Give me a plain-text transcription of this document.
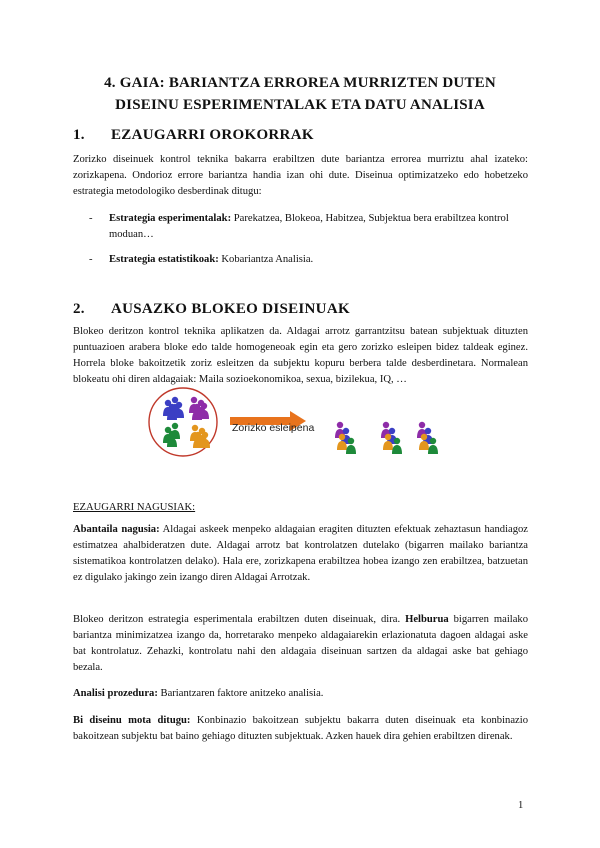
4. GAIA: BARIANTZA ERROREA MURRIZTEN DUTEN
DISEINU ESPERIMENTALAK ETA DATU ANALISIA
1. EZAUGARRI OROKORRAK
Zorizko diseinuek kontrol teknika bakarra erabiltzen dute bariantza errorea murriztu ahal izateko: zorizkapena. Ondorioz errore bariantza handia izan ohi dute. Diseinua optimizatzeko edo hobetzeko estrategia metodologiko desberdinak ditugu:
- Estrategia esperimentalak: Parekatzea, Blokeoa, Habitzea, Subjektua bera erabiltzea kontrol moduan…
- Estrategia estatistikoak: Kobariantza Analisia.
2. AUSAZKO BLOKEO DISEINUAK
Blokeo deritzon kontrol teknika aplikatzen da. Aldagai arrotz garrantzitsu batean subjektuak dituzten puntuazioen arabera bloke edo talde homogeneoak egin eta gero zorizko esleipen bidez taldeak eginez. Horrela bloke bakoitzetik zoriz esleitzen da subjektu kopuru berbera talde desberdinetara. Normalean blokeatu ohi diren aldagaiak: Maila sozioekonomikoa, sexua, bizilekua, IQ, …
Zorizko esleipena
EZAUGARRI NAGUSIAK:
Abantaila nagusia: Aldagai askeek menpeko aldagaian eragiten dituzten efektuak zehaztasun handiagoz estimatzea ahalbideratzen dute. Aldagai arrotz bat kontrolatzen dutelako (bigarren mailako bariantza sistematikoa kontrolatzen delako). Hala ere, zorizkapena erabiltzea hobea izango zen erabiltzea, batzuetan ez digulako jakingo zein izango diren Aldagai Arrotzak.
Blokeo deritzon estrategia esperimentala erabiltzen duten diseinuak, dira. Helburua bigarren mailako bariantza minimizatzea izango da, horretarako menpeko aldagaiarekin erlazionatuta dagoen aldagai aske bat kontrolatuz. Zehazki, kontrolatu nahi den aldagaia diseinuan sartzen da aldagai aske bat gehiago bezala.
Analisi prozedura: Bariantzaren faktore anitzeko analisia.
Bi diseinu mota ditugu: Konbinazio bakoitzean subjektu bakarra duten diseinuak eta konbinazio bakoitzean subjektu bat baino gehiago dituzten subjektuak. Azken hauek dira gehien erabiltzen direnak.
1
